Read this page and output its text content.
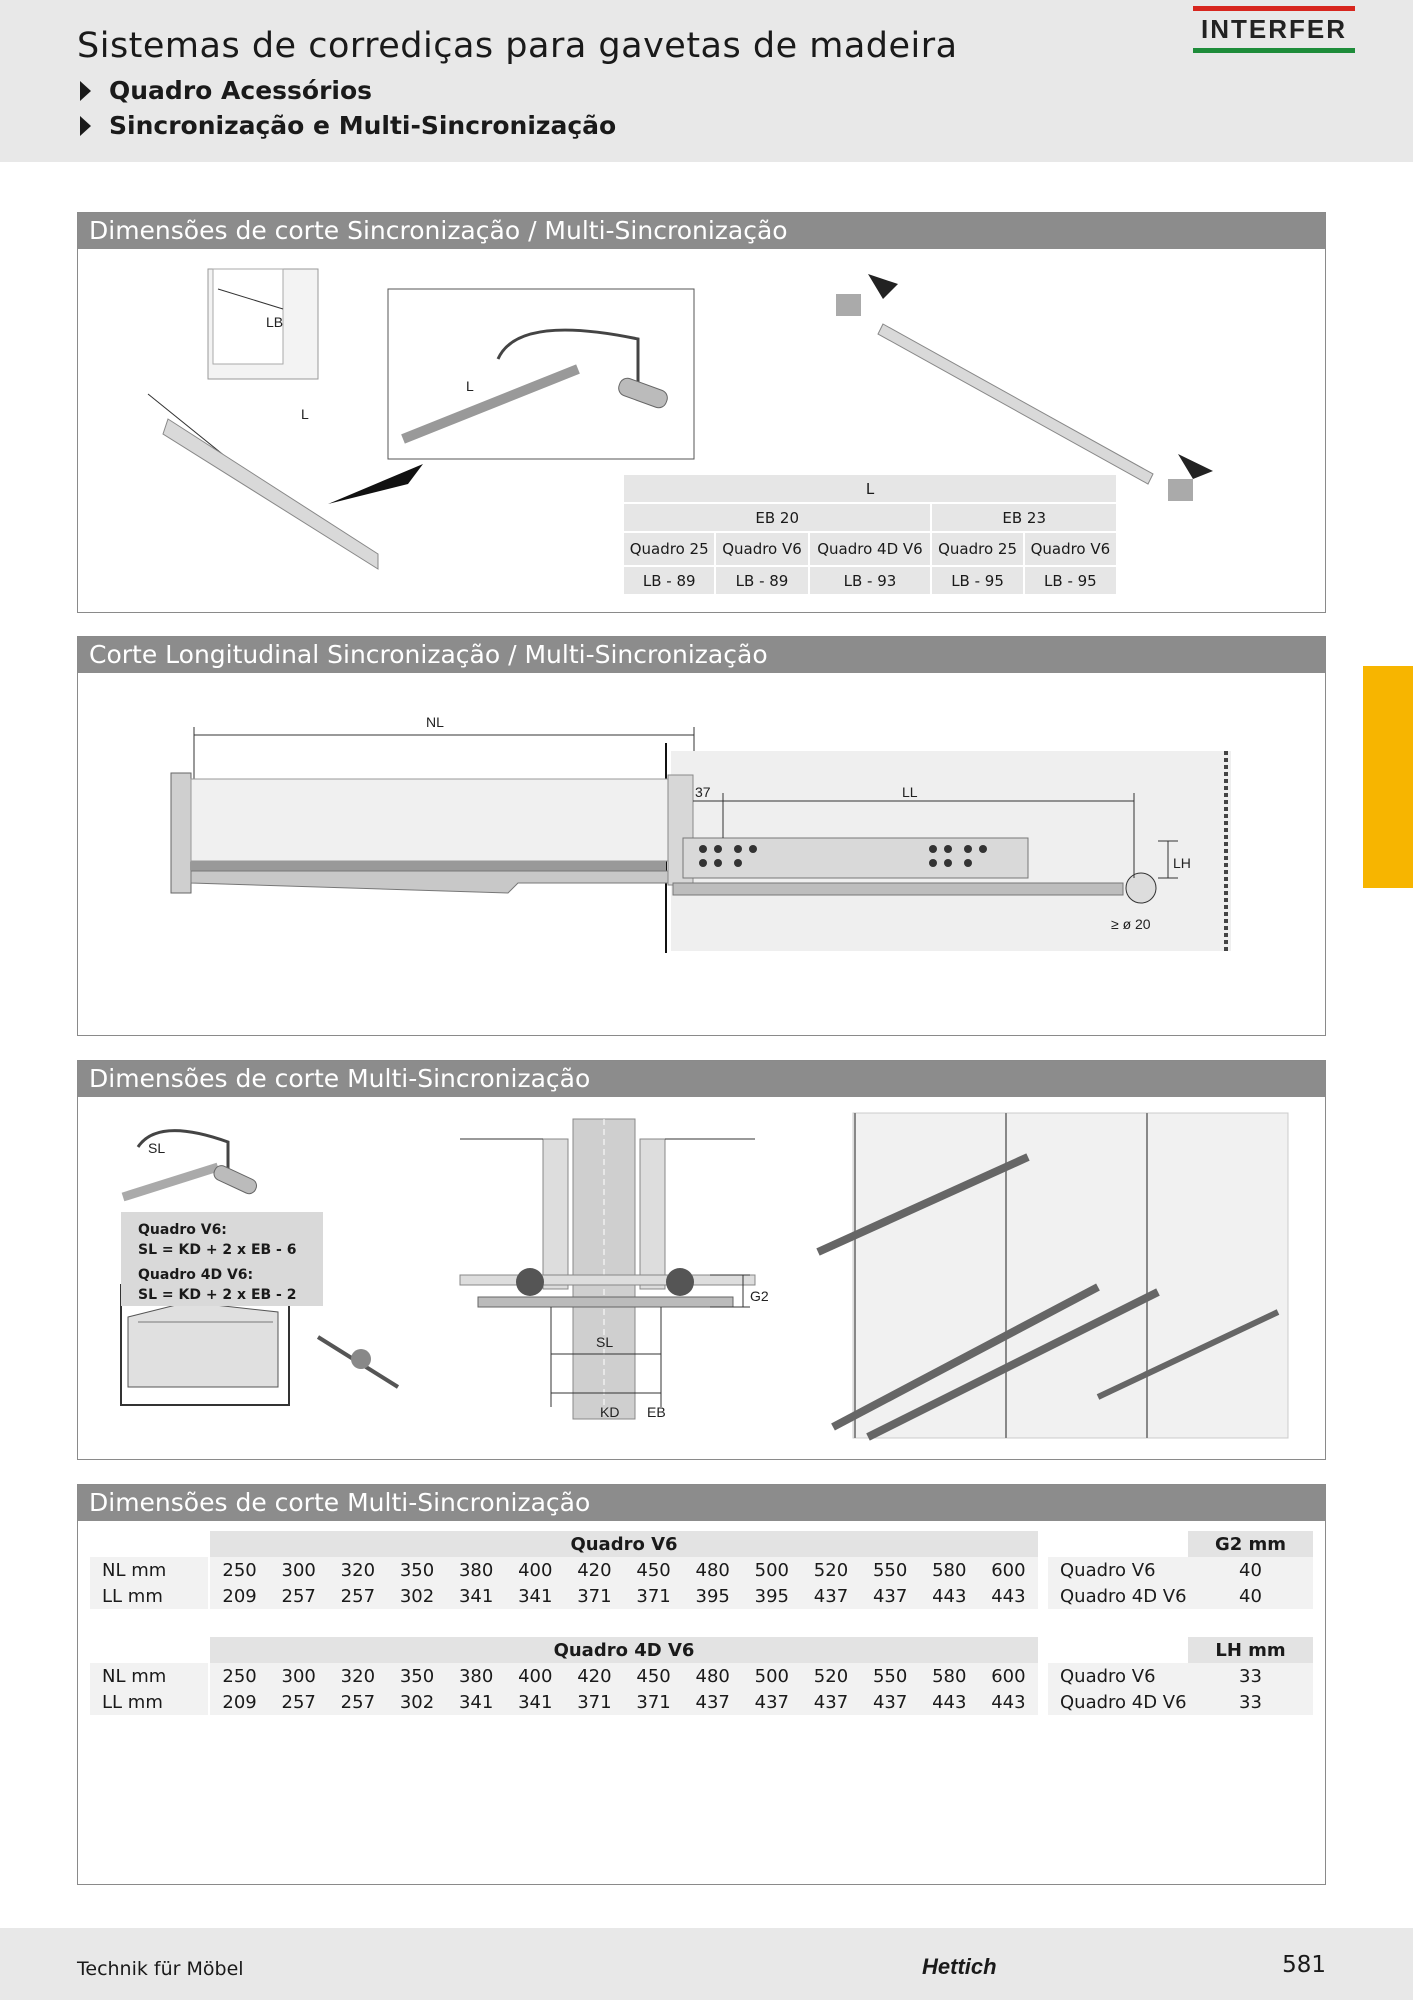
Sistemas de corrediças para gavetas de madeira
Quadro Acessórios
Sincronização e Multi-Sincronização
INTERFER
Dimensões de corte Sincronização / Multi-Sincronização
LB
L
L
L				
EB 20			EB 23	
Quadro 25	Quadro V6	Quadro 4D V6	Quadro 25	Quadro V6
LB - 89	LB - 89	LB - 93	LB - 95	LB - 95
Corte Longitudinal Sincronização / Multi-Sincronização
NL
37	LL
LH
≥ ø 20
Dimensões de corte Multi-Sincronização
SL
G2
SL
KD EB
Quadro V6:
SL = KD + 2 x EB - 6
Quadro 4D V6:
SL = KD + 2 x EB - 2
Dimensões de corte Multi-Sincronização
		Quadro V6													
NL mm		250	300	320	350	380	400	420	450	480	500	520	550	580	600
LL mm		209	257	257	302	341	341	371	371	395	395	437	437	443	443
		Quadro 4D V6													
NL mm		250	300	320	350	380	400	420	450	480	500	520	550	580	600
LL mm		209	257	257	302	341	341	371	371	437	437	437	437	443	443
	G2 mm
Quadro V6	40
Quadro 4D V6	40
	LH mm
Quadro V6	33
Quadro 4D V6	33
Technik für Möbel	Hettich	581
